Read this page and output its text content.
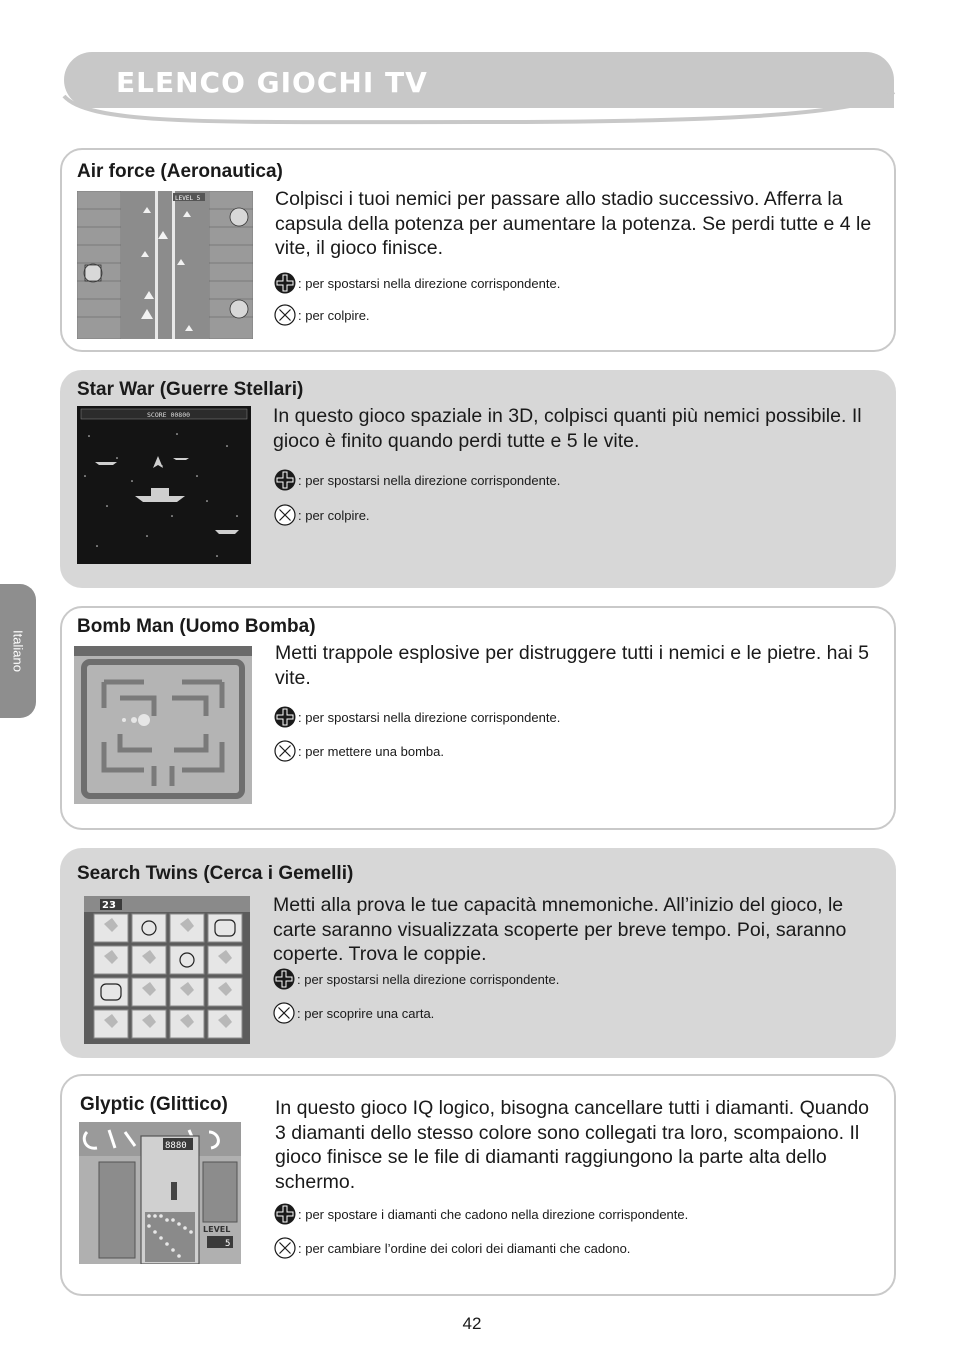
ELENCO GIOCHI TV
Italiano
Air force (Aeronautica)
LEVEL 5	Colpisci i tuoi nemici per passare allo stadio successivo. Afferra la capsula della potenza per aumentare la potenza. Se perdi tutte e 4 le vite, il gioco finisce.
: per spostarsi nella direzione corrispondente.
: per colpire.
Star War (Guerre Stellari)
SCORE 00800	In questo gioco spaziale in 3D, colpisci quanti più nemici possibile. Il gioco è finito quando perdi tutte e 5 le vite.
: per spostarsi nella direzione corrispondente.
: per colpire.
Bomb Man (Uomo Bomba)
Metti trappole esplosive per distruggere tutti i nemici e le pietre. hai 5 vite.
: per spostarsi nella direzione corrispondente.
: per mettere una bomba.
Search Twins (Cerca i Gemelli)
23	Metti alla prova le tue capacità mnemoniche. All’inizio del gioco, le carte saranno visualizzata scoperte per breve tempo. Poi, saranno coperte. Trova le coppie.
: per spostarsi nella direzione corrispondente.
: per scoprire una carta.
Glyptic (Glittico)
8880
LEVEL
5
In questo gioco IQ logico, bisogna cancellare tutti i diamanti. Quando 3 diamanti dello stesso colore sono collegati tra loro, scompaiono. Il gioco finisce se le file di diamanti raggiungono la parte alta dello schermo.
: per spostare i diamanti che cadono nella direzione corrispondente.
: per cambiare l’ordine dei colori dei diamanti che cadono.
42
